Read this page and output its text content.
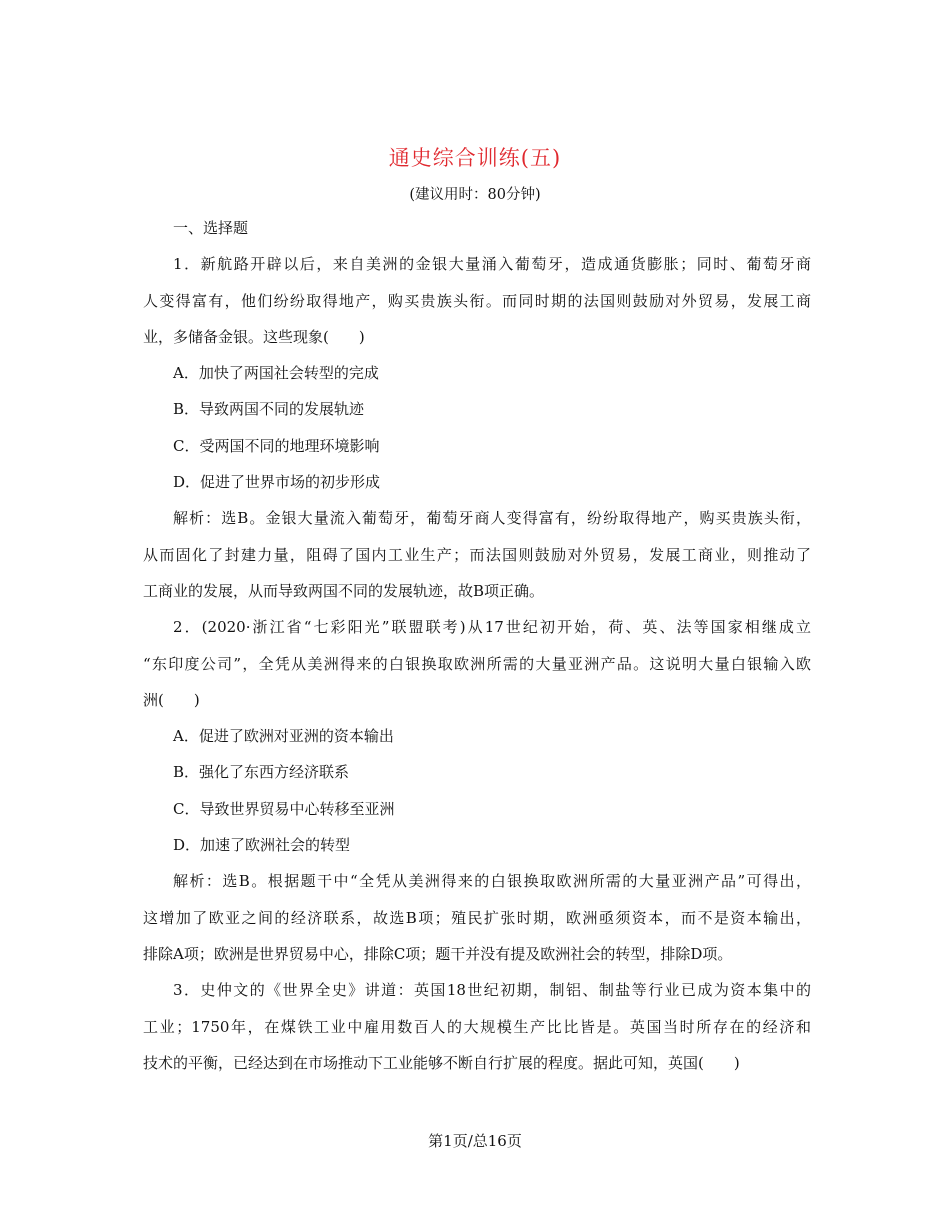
通史综合训练(五)
(建议用时：80分钟)
一、选择题
1．新航路开辟以后，来自美洲的金银大量涌入葡萄牙，造成通货膨胀；同时、葡萄牙商
人变得富有，他们纷纷取得地产，购买贵族头衔。而同时期的法国则鼓励对外贸易，发展工商
业，多储备金银。这些现象(　　)
A．加快了两国社会转型的完成
B．导致两国不同的发展轨迹
C．受两国不同的地理环境影响
D．促进了世界市场的初步形成
解析：选B。金银大量流入葡萄牙，葡萄牙商人变得富有，纷纷取得地产，购买贵族头衔，
从而固化了封建力量，阻碍了国内工业生产；而法国则鼓励对外贸易，发展工商业，则推动了
工商业的发展，从而导致两国不同的发展轨迹，故B项正确。
2．(2020·浙江省“七彩阳光”联盟联考)从17世纪初开始，荷、英、法等国家相继成立
“东印度公司”，全凭从美洲得来的白银换取欧洲所需的大量亚洲产品。这说明大量白银输入欧
洲(　　)
A．促进了欧洲对亚洲的资本输出
B．强化了东西方经济联系
C．导致世界贸易中心转移至亚洲
D．加速了欧洲社会的转型
解析：选B。根据题干中“全凭从美洲得来的白银换取欧洲所需的大量亚洲产品”可得出，
这增加了欧亚之间的经济联系，故选B项；殖民扩张时期，欧洲亟须资本，而不是资本输出，
排除A项；欧洲是世界贸易中心，排除C项；题干并没有提及欧洲社会的转型，排除D项。
3．史仲文的《世界全史》讲道：英国18世纪初期，制铝、制盐等行业已成为资本集中的
工业；1750年，在煤铁工业中雇用数百人的大规模生产比比皆是。英国当时所存在的经济和
技术的平衡，已经达到在市场推动下工业能够不断自行扩展的程度。据此可知，英国(　　)
第1页/总16页
